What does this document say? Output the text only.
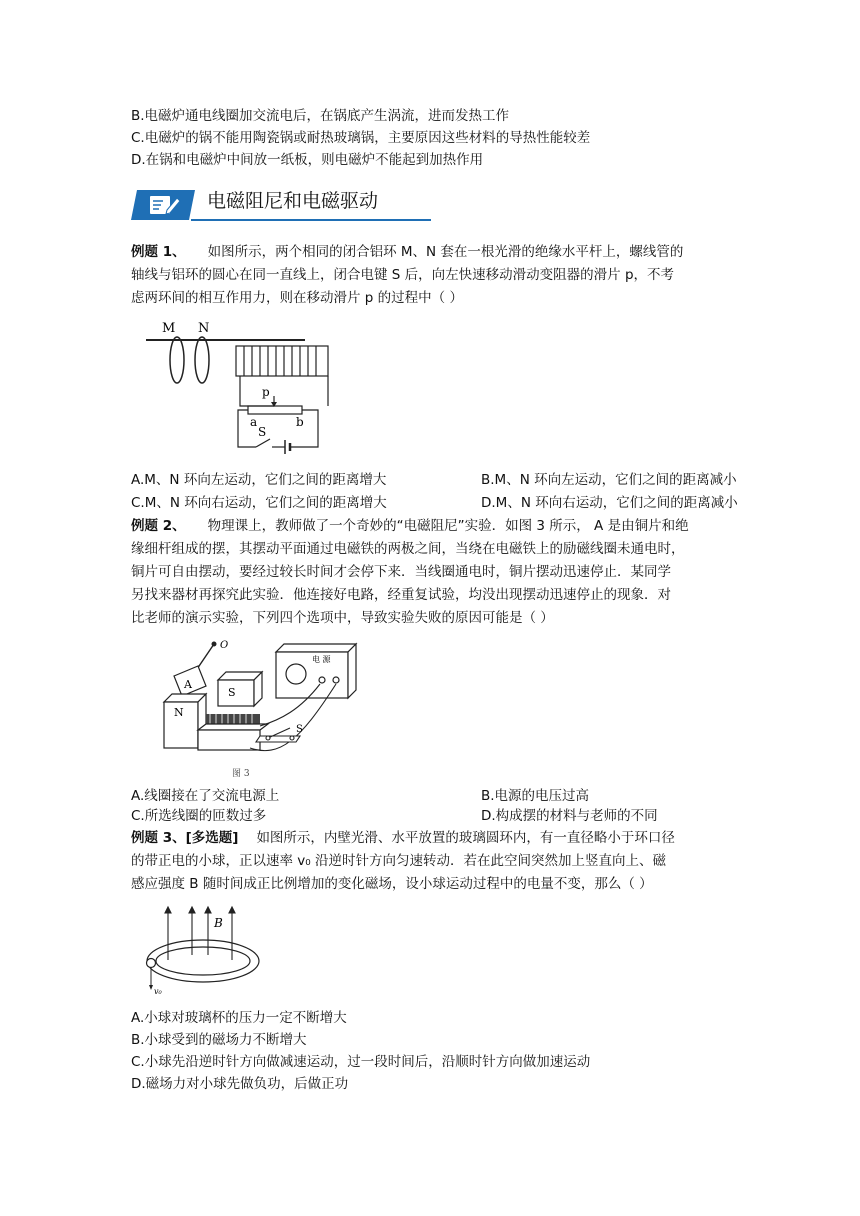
B.电磁炉通电线圈加交流电后，在锅底产生涡流，进而发热工作
C.电磁炉的锅不能用陶瓷锅或耐热玻璃锅，主要原因这些材料的导热性能较差
D.在锅和电磁炉中间放一纸板，则电磁炉不能起到加热作用
电磁阻尼和电磁驱动
例题 1、 如图所示，两个相同的闭合铝环 M、N 套在一根光滑的绝缘水平杆上，螺线管的
轴线与铝环的圆心在同一直线上，闭合电键 S 后，向左快速移动滑动变阻器的滑片 p，不考
虑两环间的相互作用力，则在移动滑片 p 的过程中（ ）
M N
p
a	b
S
A.M、N 环向左运动，它们之间的距离增大	B.M、N 环向左运动，它们之间的距离减小
C.M、N 环向右运动，它们之间的距离增大	D.M、N 环向右运动，它们之间的距离减小
例题 2、 物理课上，教师做了一个奇妙的“电磁阻尼”实验．如图 3 所示， A 是由铜片和绝
缘细杆组成的摆，其摆动平面通过电磁铁的两极之间，当绕在电磁铁上的励磁线圈未通电时，
铜片可自由摆动，要经过较长时间才会停下来．当线圈通电时，铜片摆动迅速停止．某同学
另找来器材再探究此实验．他连接好电路，经重复试验，均没出现摆动迅速停止的现象．对
比老师的演示实验，下列四个选项中，导致实验失败的原因可能是（ ）
O
A
S
N
电 源
S
图 3
A.线圈接在了交流电源上	B.电源的电压过高
C.所选线圈的匝数过多	D.构成摆的材料与老师的不同
例题 3、[多选题] 如图所示，内壁光滑、水平放置的玻璃圆环内，有一直径略小于环口径
的带正电的小球，正以速率 v₀ 沿逆时针方向匀速转动．若在此空间突然加上竖直向上、磁
感应强度 B 随时间成正比例增加的变化磁场，设小球运动过程中的电量不变，那么（ ）
B
v₀
A.小球对玻璃杯的压力一定不断增大
B.小球受到的磁场力不断增大
C.小球先沿逆时针方向做减速运动，过一段时间后，沿顺时针方向做加速运动
D.磁场力对小球先做负功，后做正功
